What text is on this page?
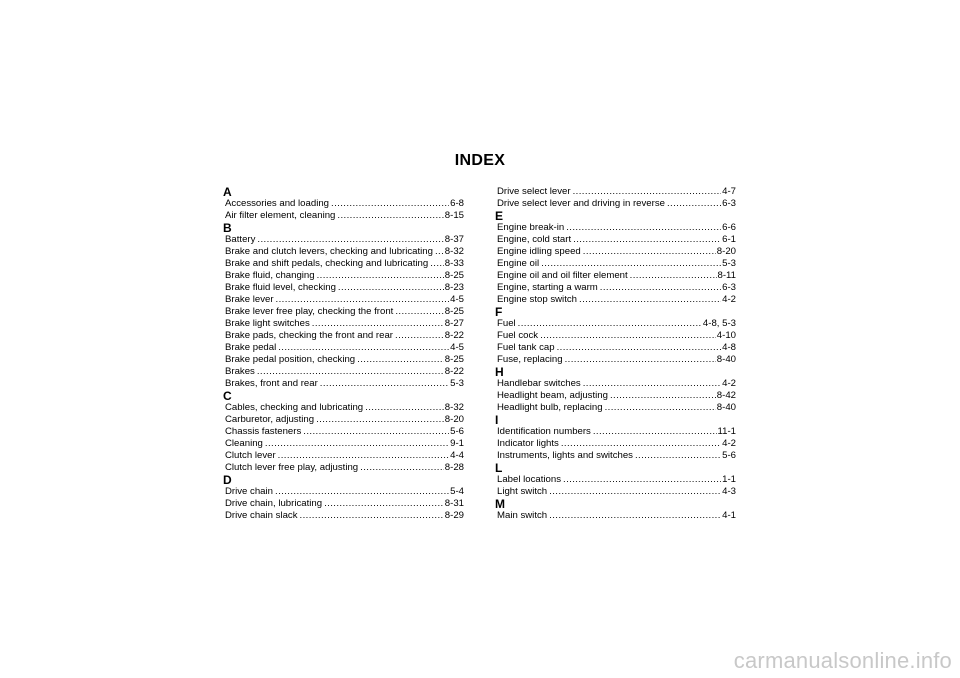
INDEX
A
Accessories and loading .....	6-8
Air filter element, cleaning .....	8-15
B
Battery .....	8-37
Brake and clutch levers, checking and lubricating ..... 8-32
Brake and shift pedals, checking and lubricating ..... 8-33
Brake fluid, changing .....	8-25
Brake fluid level, checking .....	8-23
Brake lever .....	4-5
Brake lever free play, checking the front .....	8-25
Brake light switches .....	8-27
Brake pads, checking the front and rear .....	8-22
Brake pedal .....	4-5
Brake pedal position, checking .....	8-25
Brakes .....	8-22
Brakes, front and rear .....	5-3
C
Cables, checking and lubricating .....	8-32
Carburetor, adjusting .....	8-20
Chassis fasteners .....	5-6
Cleaning .....	9-1
Clutch lever .....	4-4
Clutch lever free play, adjusting .....	8-28
D
Drive chain .....	5-4
Drive chain, lubricating .....	8-31
Drive chain slack .....	8-29
Drive select lever .....	4-7
Drive select lever and driving in reverse .....	6-3
E
Engine break-in .....	6-6
Engine, cold start .....	6-1
Engine idling speed .....	8-20
Engine oil .....	5-3
Engine oil and oil filter element .....	8-11
Engine, starting a warm .....	6-3
Engine stop switch .....	4-2
F
Fuel .....	4-8, 5-3
Fuel cock .....	4-10
Fuel tank cap .....	4-8
Fuse, replacing .....	8-40
H
Handlebar switches .....	4-2
Headlight beam, adjusting .....	8-42
Headlight bulb, replacing .....	8-40
I
Identification numbers .....	11-1
Indicator lights .....	4-2
Instruments, lights and switches .....	5-6
L
Label locations .....	1-1
Light switch .....	4-3
M
Main switch .....	4-1
carmanualsonline.info
